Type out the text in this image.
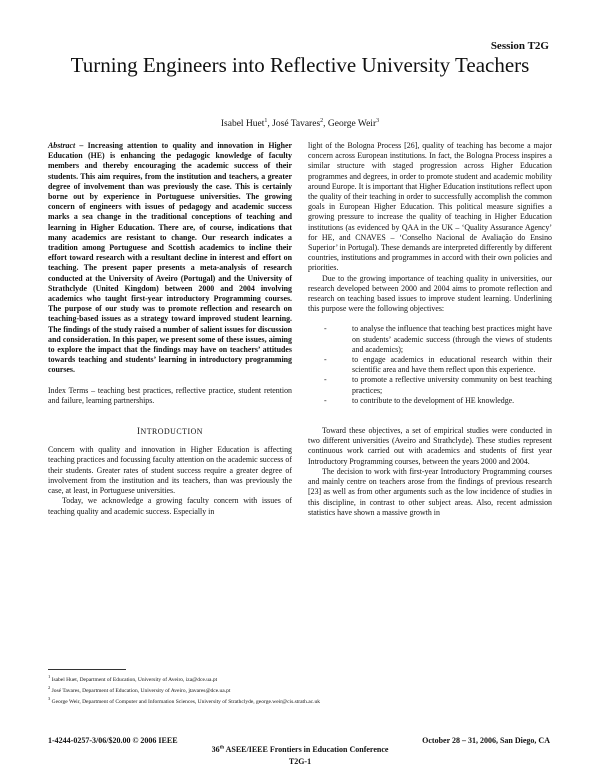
Session T2G
Turning Engineers into Reflective University Teachers
Isabel Huet$^1$, José Tavares$^2$, George Weir$^3$

Abstract – Increasing attention to quality and innovation in Higher Education (HE) is enhancing the pedagogic knowledge of faculty members and thereby encouraging the academic success of their students. This aim requires, from the institution and teachers, a greater degree of involvement than was previously the case. This is certainly borne out by experience in Portuguese universities. The growing concern of engineers with issues of pedagogy and academic success marks a sea change in the traditional conceptions of teaching and learning in Higher Education. There are, of course, indications that many academics are resistant to change. Our research indicates a tradition among Portuguese and Scottish academics to incline their effort toward research with a resultant decline in interest and effort on teaching. The present paper presents a meta-analysis of research conducted at the University of Aveiro (Portugal) and the University of Strathclyde (United Kingdom) between 2000 and 2004 involving academics who taught first-year introductory Programming courses. The purpose of our study was to promote reflection and research on teaching-based issues as a strategy toward improved student learning. The findings of the study raised a number of salient issues for discussion and consideration. In this paper, we present some of these issues, aiming to explore the impact that the findings may have on teachers’ attitudes towards teaching and students’ learning in introductory programming courses.

Index Terms – teaching best practices, reflective practice, student retention and failure, learning partnerships.

INTRODUCTION

Concern with quality and innovation in Higher Education is affecting teaching practices and focussing faculty attention on the academic success of their students. Greater rates of student success require a greater degree of involvement from the institution and its teachers, than was previously the case, at least, in Portuguese universities.

Today, we acknowledge a growing faculty concern with issues of teaching quality and academic success. Especially in

light of the Bologna Process [26], quality of teaching has become a major concern across European institutions. In fact, the Bologna Process inspires a similar structure with staged progression across Higher Education programmes and degrees, in order to promote student and academic mobility around Europe. It is important that Higher Education institutions reflect upon the quality of their teaching in order to successfully accomplish the common goals in European Higher Education. This political measure signifies a growing pressure to increase the quality of teaching in Higher Education institutions (as evidenced by QAA in the UK – ‘Quality Assurance Agency’ for HE, and CNAVES – ‘Conselho Nacional de Avaliação do Ensino Superior’ in Portugal). These demands are interpreted differently by different countries, institutions and programmes in accord with their own policies and priorities.

Due to the growing importance of teaching quality in universities, our research developed between 2000 and 2004 aims to promote reflection and research on teaching based issues to improve student learning. Underlining this purpose were the following objectives:

-	to analyse the influence that teaching best practices might have on students’ academic success (through the views of students and academics);
-	to engage academics in educational research within their scientific area and have them reflect upon this experience.
-	to promote a reflective university community on best teaching practices;
-	to contribute to the development of HE knowledge.

Toward these objectives, a set of empirical studies were conducted in two different universities (Aveiro and Strathclyde). These studies represent continuous work carried out with academics and students of first year Introductory Programming courses, between the years 2000 and 2004.

The decision to work with first-year Introductory Programming courses and mainly centre on teachers arose from the findings of previous research [23] as well as from other arguments such as the low incidence of studies in this discipline, in contrast to other subject areas. Also, recent admission statistics have shown a massive growth in

$^1$ Isabel Huet, Department of Education, University of Aveiro, iza@dce.ua.pt
$^2$ José Tavares, Department of Education, University of Aveiro, jtavares@dce.ua.pt
$^3$ George Weir, Department of Computer and Information Sciences, University of Strathclyde, george.weir@cis.strath.ac.uk
1-4244-0257-3/06/$20.00 © 2006 IEEE	October 28 – 31, 2006, San Diego, CA
36th ASEE/IEEE Frontiers in Education Conference
T2G-1
